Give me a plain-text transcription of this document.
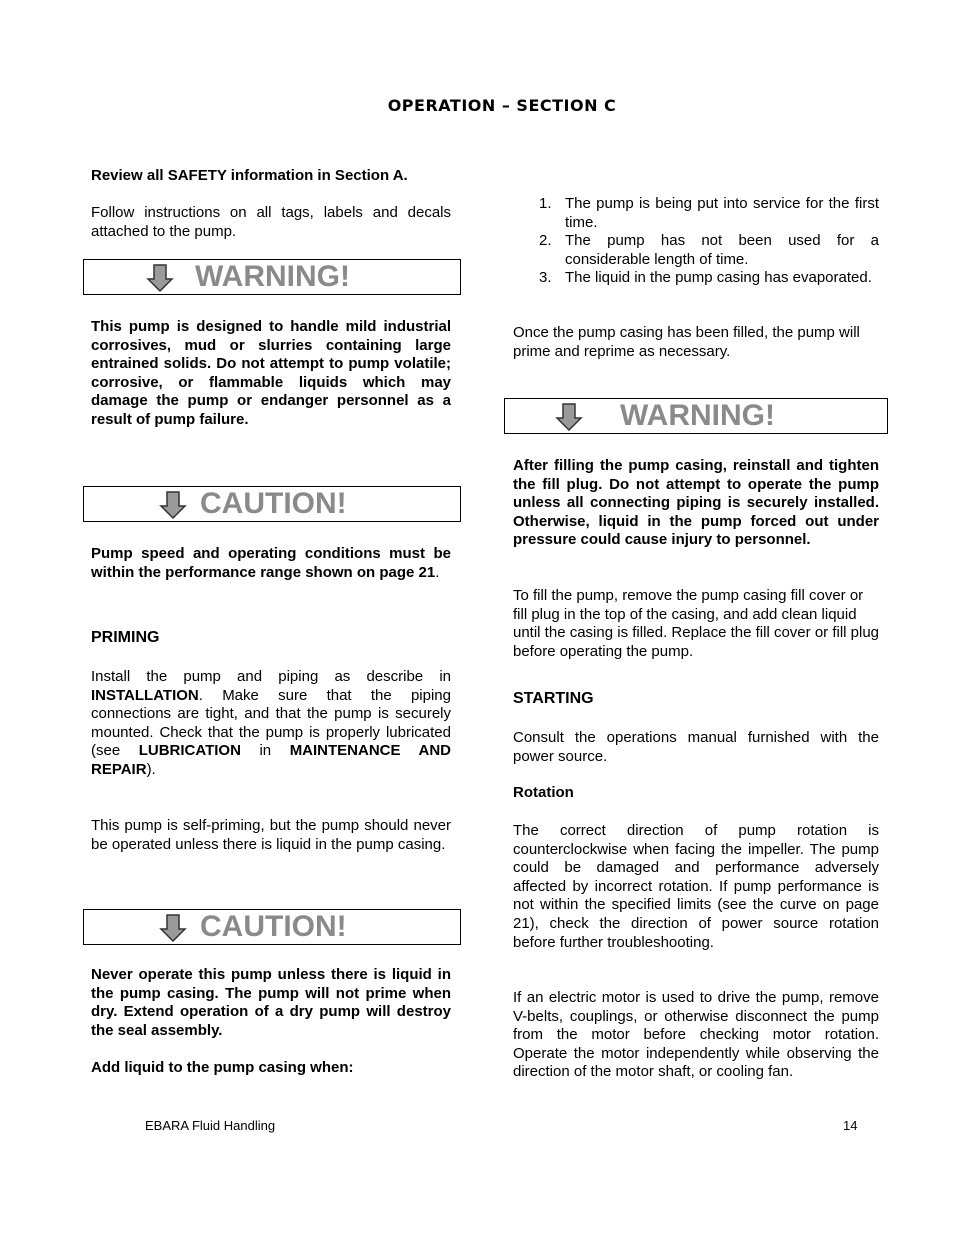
OPERATION – SECTION C
Review all SAFETY information in Section A.
Follow instructions on all tags, labels and decals attached to the pump.
WARNING!
This pump is designed to handle mild industrial corrosives, mud or slurries containing large entrained solids. Do not attempt to pump volatile; corrosive, or flammable liquids which may damage the pump or endanger personnel as a result of pump failure.
CAUTION!
Pump speed and operating conditions must be within the performance range shown on page 21.
PRIMING
Install the pump and piping as describe in INSTALLATION. Make sure that the piping connections are tight, and that the pump is securely mounted. Check that the pump is properly lubricated (see LUBRICATION in MAINTENANCE AND REPAIR).
This pump is self-priming, but the pump should never be operated unless there is liquid in the pump casing.
CAUTION!
Never operate this pump unless there is liquid in the pump casing. The pump will not prime when dry. Extend operation of a dry pump will destroy the seal assembly.
Add liquid to the pump casing when:
1. The pump is being put into service for the first time.
2. The pump has not been used for a considerable length of time.
3. The liquid in the pump casing has evaporated.
Once the pump casing has been filled, the pump will prime and reprime as necessary.
WARNING!
After filling the pump casing, reinstall and tighten the fill plug. Do not attempt to operate the pump unless all connecting piping is securely installed. Otherwise, liquid in the pump forced out under pressure could cause injury to personnel.
To fill the pump, remove the pump casing fill cover or fill plug in the top of the casing, and add clean liquid until the casing is filled. Replace the fill cover or fill plug before operating the pump.
STARTING
Consult the operations manual furnished with the power source.
Rotation
The correct direction of pump rotation is counterclockwise when facing the impeller. The pump could be damaged and performance adversely affected by incorrect rotation. If pump performance is not within the specified limits (see the curve on page 21), check the direction of power source rotation before further troubleshooting.
If an electric motor is used to drive the pump, remove V-belts, couplings, or otherwise disconnect the pump from the motor before checking motor rotation. Operate the motor independently while observing the direction of the motor shaft, or cooling fan.
EBARA Fluid Handling	14
